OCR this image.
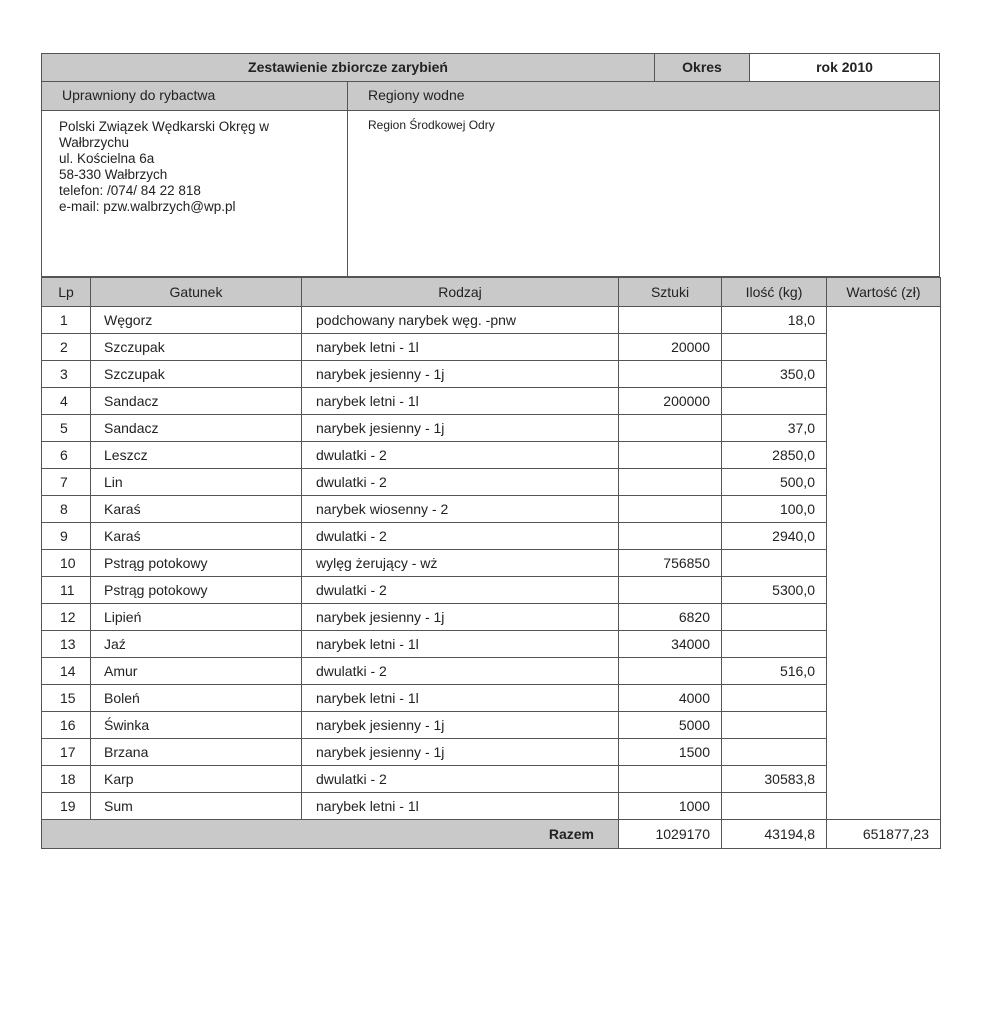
Zestawienie zbiorcze zarybień	Okres	rok 2010
Uprawniony do rybactwa	Regiony wodne
Polski Związek Wędkarski Okręg w
Wałbrzychu
ul. Kościelna 6a
58-330 Wałbrzych
telefon: /074/ 84 22 818
e-mail: pzw.walbrzych@wp.pl
Region Środkowej Odry
Lp	Gatunek	Rodzaj	Sztuki	Ilość (kg)	Wartość (zł)
1	Węgorz	podchowany narybek węg. -pnw		18,0	
2	Szczupak	narybek letni - 1l	20000		
3	Szczupak	narybek jesienny - 1j		350,0	
4	Sandacz	narybek letni - 1l	200000		
5	Sandacz	narybek jesienny - 1j		37,0	
6	Leszcz	dwulatki - 2		2850,0	
7	Lin	dwulatki - 2		500,0	
8	Karaś	narybek wiosenny - 2		100,0	
9	Karaś	dwulatki - 2		2940,0	
10	Pstrąg potokowy	wylęg żerujący - wż	756850		
11	Pstrąg potokowy	dwulatki - 2		5300,0	
12	Lipień	narybek jesienny - 1j	6820		
13	Jaź	narybek letni - 1l	34000		
14	Amur	dwulatki - 2		516,0	
15	Boleń	narybek letni - 1l	4000		
16	Świnka	narybek jesienny - 1j	5000		
17	Brzana	narybek jesienny - 1j	1500		
18	Karp	dwulatki - 2		30583,8	
19	Sum	narybek letni - 1l	1000		
Razem			1029170	43194,8	651877,23
